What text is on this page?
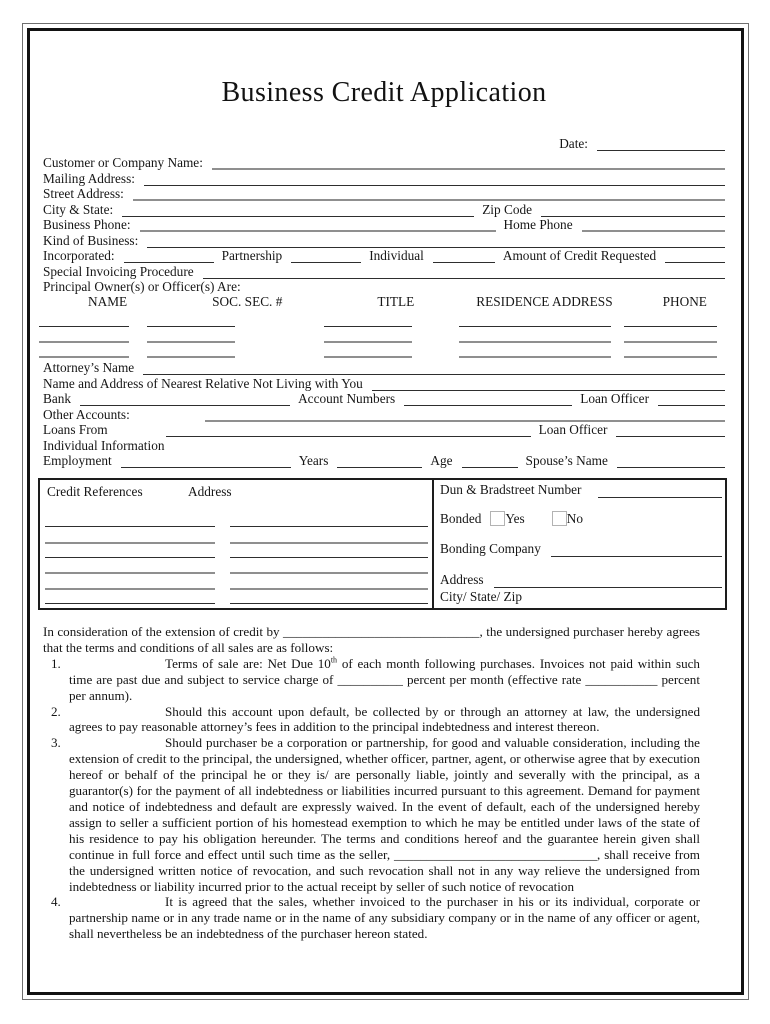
Business Credit Application
Date:
Customer or Company Name:
Mailing Address:
Street Address:
City & State:	Zip Code
Business Phone:	Home Phone
Kind of Business:
Incorporated:	Partnership	Individual	Amount of Credit Requested
Special Invoicing Procedure
Principal Owner(s) or Officer(s) Are:
NAME	SOC. SEC. #	TITLE	RESIDENCE ADDRESS	PHONE
Attorney’s Name
Name and Address of Nearest Relative Not Living with You
Bank	Account Numbers	Loan Officer
Other Accounts:
Loans From	Loan Officer
Individual Information
Employment	Years	Age	Spouse’s Name
Credit References	Address	Dun & Bradstreet Number
Bonded Yes	No
Bonding Company
Address
City/ State/ Zip
In consideration of the extension of credit by ______________________________, the undersigned purchaser hereby agrees that the terms and conditions of all sales are as follows:
1.	Terms of sale are: Net Due 10th of each month following purchases. Invoices not paid within such time are past due and subject to service charge of __________ percent per month (effective rate ___________ percent per annum).
2.	Should this account upon default, be collected by or through an attorney at law, the undersigned agrees to pay reasonable attorney’s fees in addition to the principal indebtedness and interest thereon.
3.	Should purchaser be a corporation or partnership, for good and valuable consideration, including the extension of credit to the principal, the undersigned, whether officer, partner, agent, or otherwise agree that by execution hereof or behalf of the principal he or they is/ are personally liable, jointly and severally with the principal, as a guarantor(s) for the payment of all indebtedness or liabilities incurred pursuant to this agreement. Demand for payment and notice of indebtedness and default are expressly waived. In the event of default, each of the undersigned hereby assign to seller a sufficient portion of his homestead exemption to which he may be entitled under laws of the state of his residence to pay his obligation hereunder. The terms and conditions hereof and the guarantee herein given shall continue in full force and effect until such time as the seller, _______________________________, shall receive from the undersigned written notice of revocation, and such revocation shall not in any way relieve the undersigned from indebtedness or liability incurred prior to the actual receipt by seller of such notice of revocation
4.	It is agreed that the sales, whether invoiced to the purchaser in his or its individual, corporate or partnership name or in any trade name or in the name of any subsidiary company or in the name of any officer or agent, shall nevertheless be an indebtedness of the purchaser hereon stated.
